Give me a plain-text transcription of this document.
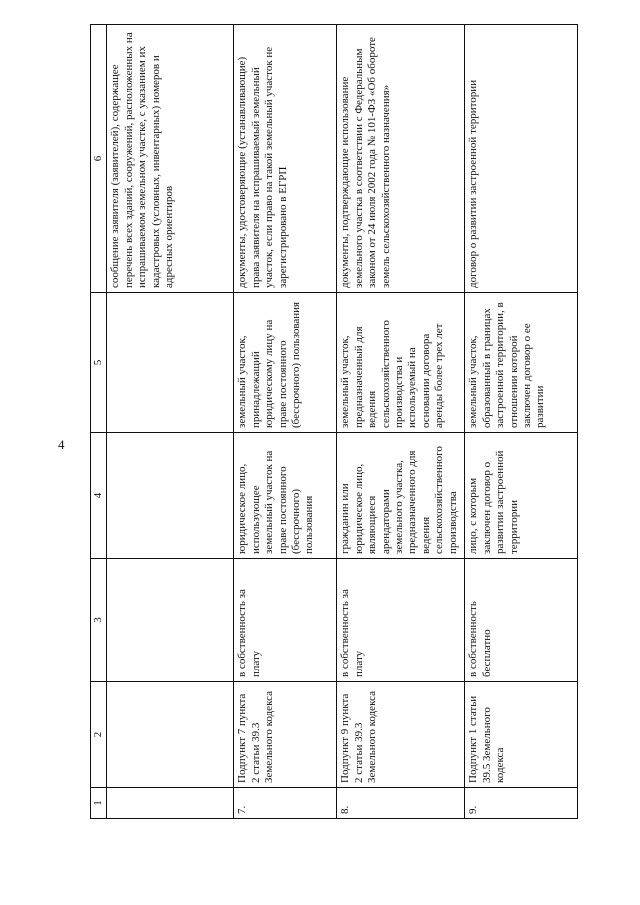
4
1	2	3	4	5	6
					сообщение заявителя (заявителей), содержащее перечень всех зданий, сооружений, расположенных на испрашиваемом земельном участке, с указанием их кадастровых (условных, инвентарных) номеров и адресных ориентиров
7.	Подпункт 7 пункта 2 статьи 39.3 Земельного кодекса	в собственность за плату	юридическое лицо, использующее земельный участок на праве постоянного (бессрочного) пользования	земельный участок, принадлежащий юридическому лицу на праве постоянного (бессрочного) пользования	документы, удостоверяющие (устанавливающие) права заявителя на испрашиваемый земельный участок, если право на такой земельный участок не зарегистрировано в ЕГРП
8.	Подпункт 9 пункта 2 статьи 39.3 Земельного кодекса	в собственность за плату	гражданин или юридическое лицо, являющиеся арендаторами земельного участка, предназначенного для ведения сельскохозяйственного производства	земельный участок, предназначенный для ведения сельскохозяйственного производства и используемый на основании договора аренды более трех лет	документы, подтверждающие использование земельного участка в соответствии с Федеральным законом от 24 июля 2002 года № 101-ФЗ «Об обороте земель сельскохозяйственного назначения»
9.	Подпункт 1 статьи 39.5 Земельного кодекса	в собственность бесплатно	лицо, с которым заключен договор о развитии застроенной территории	земельный участок, образованный в границах застроенной территории, в отношении которой заключен договор о ее развитии	договор о развитии застроенной территории
